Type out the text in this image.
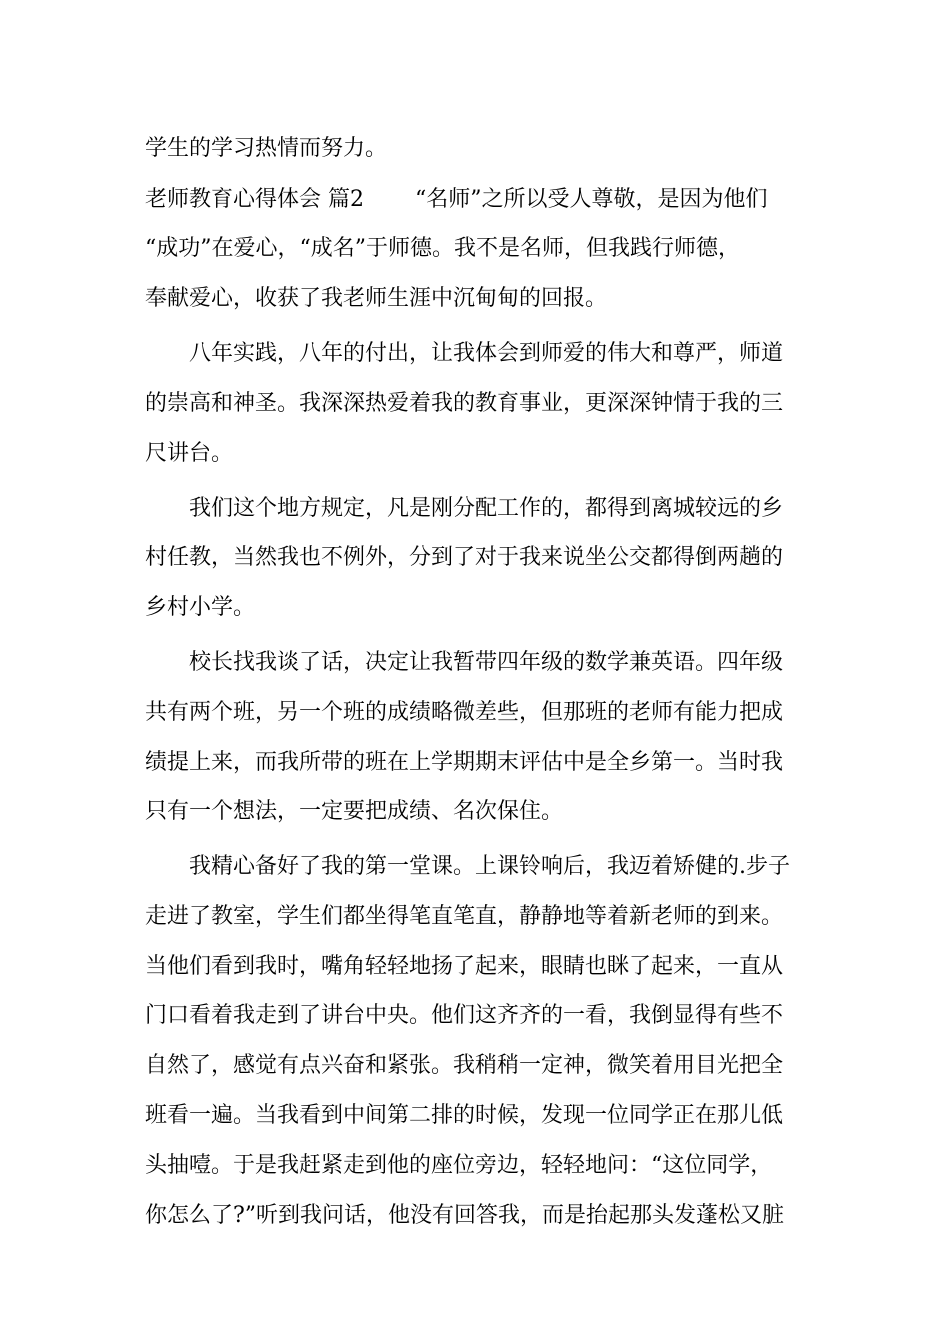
学生的学习热情而努力。
老师教育心得体会 篇2 　　“名师”之所以受人尊敬，是因为他们
“成功”在爱心，“成名”于师德。我不是名师，但我践行师德，
奉献爱心，收获了我老师生涯中沉甸甸的回报。
　　八年实践，八年的付出，让我体会到师爱的伟大和尊严，师道
的崇高和神圣。我深深热爱着我的教育事业，更深深钟情于我的三
尺讲台。
　　我们这个地方规定，凡是刚分配工作的，都得到离城较远的乡
村任教，当然我也不例外，分到了对于我来说坐公交都得倒两趟的
乡村小学。
　　校长找我谈了话，决定让我暂带四年级的数学兼英语。四年级
共有两个班，另一个班的成绩略微差些，但那班的老师有能力把成
绩提上来，而我所带的班在上学期期末评估中是全乡第一。当时我
只有一个想法，一定要把成绩、名次保住。
　　我精心备好了我的第一堂课。上课铃响后，我迈着矫健的.步子
走进了教室，学生们都坐得笔直笔直，静静地等着新老师的到来。
当他们看到我时，嘴角轻轻地扬了起来，眼睛也眯了起来，一直从
门口看着我走到了讲台中央。他们这齐齐的一看，我倒显得有些不
自然了，感觉有点兴奋和紧张。我稍稍一定神，微笑着用目光把全
班看一遍。当我看到中间第二排的时候，发现一位同学正在那儿低
头抽噎。于是我赶紧走到他的座位旁边，轻轻地问：“这位同学，
你怎么了?”听到我问话，他没有回答我，而是抬起那头发蓬松又脏
